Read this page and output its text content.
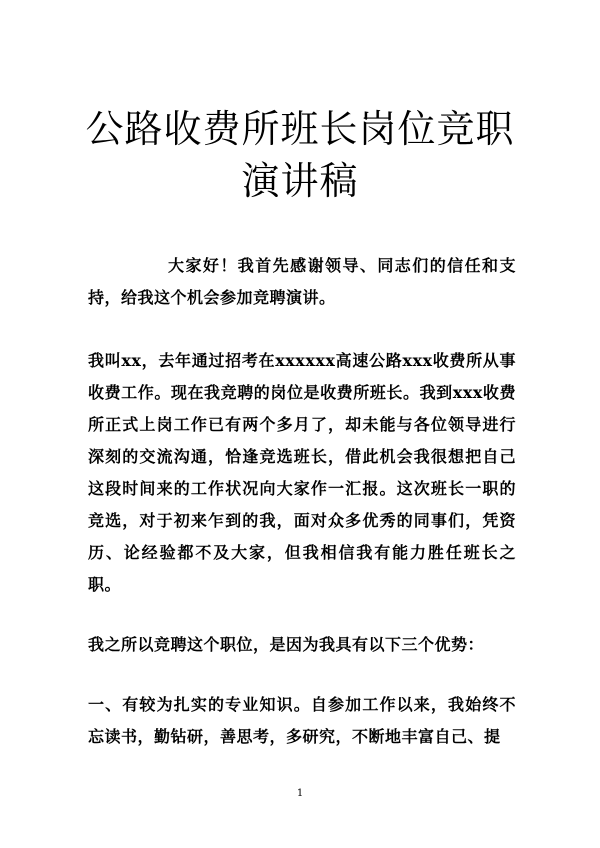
公路收费所班长岗位竞职
演讲稿

大家好！我首先感谢领导、同志们的信任和支持，给我这个机会参加竞聘演讲。

我叫xx，去年通过招考在xxxxxx高速公路xxx收费所从事收费工作。现在我竞聘的岗位是收费所班长。我到xxx收费所正式上岗工作已有两个多月了，却未能与各位领导进行深刻的交流沟通，恰逢竞选班长，借此机会我很想把自己这段时间来的工作状况向大家作一汇报。这次班长一职的竞选，对于初来乍到的我，面对众多优秀的同事们，凭资历、论经验都不及大家，但我相信我有能力胜任班长之职。

我之所以竞聘这个职位，是因为我具有以下三个优势：

一、有较为扎实的专业知识。自参加工作以来，我始终不忘读书，勤钻研，善思考，多研究，不断地丰富自己、提

1
